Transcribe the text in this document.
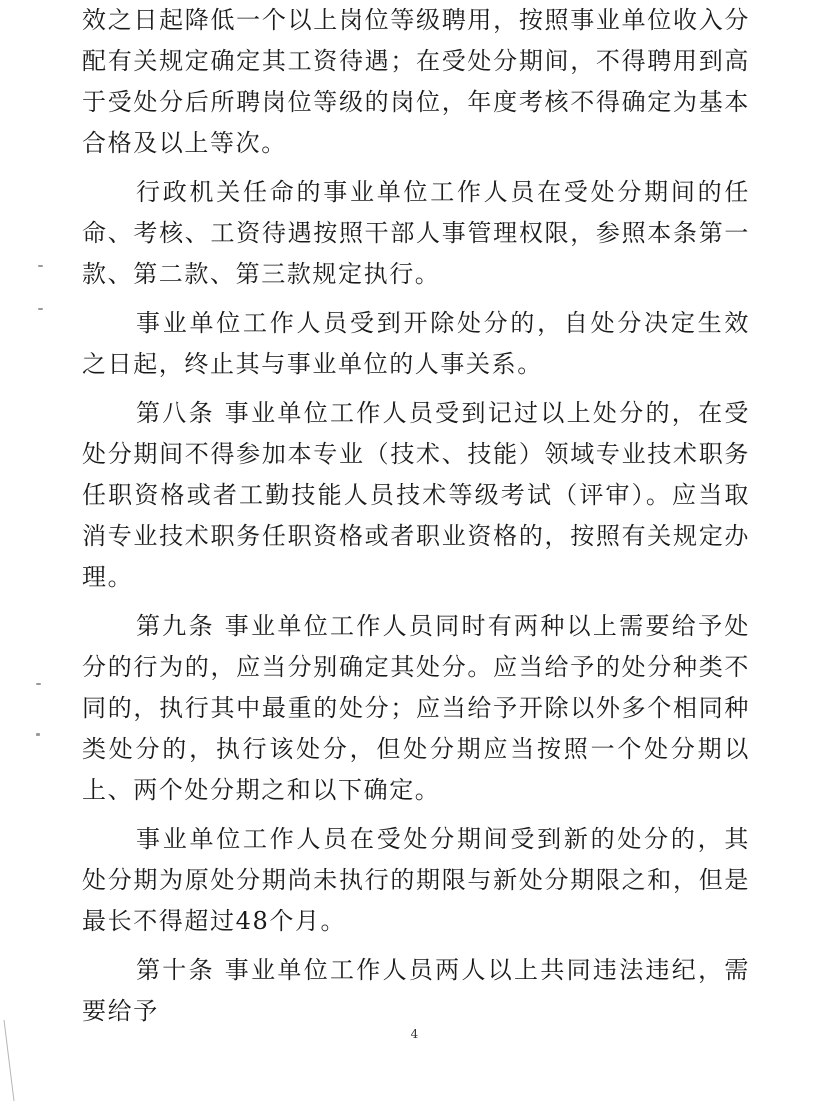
效之日起降低一个以上岗位等级聘用，按照事业单位收入分配有关规定确定其工资待遇；在受处分期间，不得聘用到高于受处分后所聘岗位等级的岗位，年度考核不得确定为基本合格及以上等次。

行政机关任命的事业单位工作人员在受处分期间的任命、考核、工资待遇按照干部人事管理权限，参照本条第一款、第二款、第三款规定执行。

事业单位工作人员受到开除处分的，自处分决定生效之日起，终止其与事业单位的人事关系。

第八条 事业单位工作人员受到记过以上处分的，在受处分期间不得参加本专业（技术、技能）领域专业技术职务任职资格或者工勤技能人员技术等级考试（评审）。应当取消专业技术职务任职资格或者职业资格的，按照有关规定办理。

第九条 事业单位工作人员同时有两种以上需要给予处分的行为的，应当分别确定其处分。应当给予的处分种类不同的，执行其中最重的处分；应当给予开除以外多个相同种类处分的，执行该处分，但处分期应当按照一个处分期以上、两个处分期之和以下确定。

事业单位工作人员在受处分期间受到新的处分的，其处分期为原处分期尚未执行的期限与新处分期限之和，但是最长不得超过48个月。

第十条 事业单位工作人员两人以上共同违法违纪，需要给予

4
